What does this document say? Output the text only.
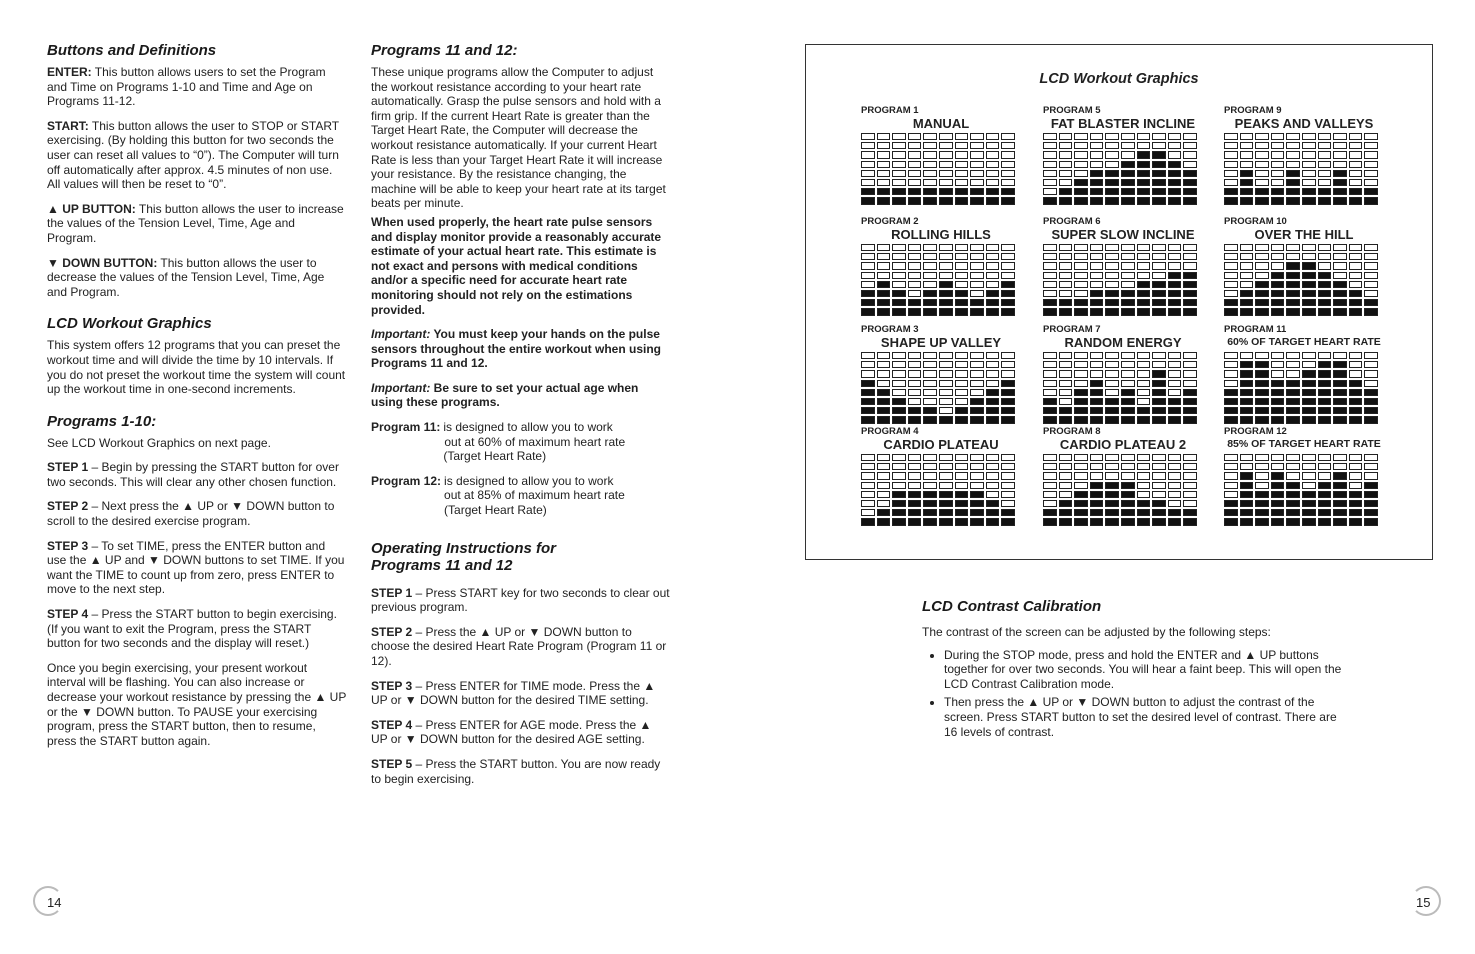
Buttons and Definitions

ENTER: This button allows users to set the Program and Time on Programs 1-10 and Time and Age on Programs 11-12.

START: This button allows the user to STOP or START exercising. (By holding this button for two seconds the user can reset all values to “0”). The Computer will turn off automatically after approx. 4.5 minutes of non use. All values will then be reset to “0”.

▲ UP BUTTON: This button allows the user to increase the values of the Tension Level, Time, Age and Program.

▼ DOWN BUTTON: This button allows the user to decrease the values of the Tension Level, Time, Age and Program.

LCD Workout Graphics

This system offers 12 programs that you can preset the workout time and will divide the time by 10 intervals. If you do not preset the workout time the system will count up the workout time in one-second increments.

Programs 1-10:

See LCD Workout Graphics on next page.

STEP 1 – Begin by pressing the START button for over two seconds. This will clear any other chosen function.

STEP 2 – Next press the ▲ UP or ▼ DOWN button to scroll to the desired exercise program.

STEP 3 – To set TIME, press the ENTER button and use the ▲ UP and ▼ DOWN buttons to set TIME. If you want the TIME to count up from zero, press ENTER to move to the next step.

STEP 4 – Press the START button to begin exercising. (If you want to exit the Program, press the START button for two seconds and the display will reset.)

Once you begin exercising, your present workout interval will be flashing. You can also increase or decrease your workout resistance by pressing the ▲ UP or the ▼ DOWN button. To PAUSE your exercising program, press the START button, then to resume, press the START button again.

Programs 11 and 12:

These unique programs allow the Computer to adjust the workout resistance according to your heart rate automatically. Grasp the pulse sensors and hold with a firm grip. If the current Heart Rate is greater than the Target Heart Rate, the Computer will decrease the workout resistance automatically. If your current Heart Rate is less than your Target Heart Rate it will increase your resistance. By the resistance changing, the machine will be able to keep your heart rate at its target beats per minute.

When used properly, the heart rate pulse sensors and display monitor provide a reasonably accurate estimate of your actual heart rate. This estimate is not exact and persons with medical conditions and/or a specific need for accurate heart rate monitoring should not rely on the estimations provided.

Important: You must keep your hands on the pulse sensors throughout the entire workout when using Programs 11 and 12.

Important: Be sure to set your actual age when using these programs.

Program 11: is designed to allow you to work
out at 60% of maximum heart rate
(Target Heart Rate)
Program 12: is designed to allow you to work
out at 85% of maximum heart rate
(Target Heart Rate)
Operating Instructions for
Programs 11 and 12

STEP 1 – Press START key for two seconds to clear out previous program.

STEP 2 – Press the ▲ UP or ▼ DOWN button to choose the desired Heart Rate Program (Program 11 or 12).

STEP 3 – Press ENTER for TIME mode. Press the ▲ UP or ▼ DOWN button for the desired TIME setting.

STEP 4 – Press ENTER for AGE mode. Press the ▲ UP or ▼ DOWN button for the desired AGE setting.

STEP 5 – Press the START button. You are now ready to begin exercising.

LCD Workout Graphics
PROGRAM 1
MANUAL
PROGRAM 5
FAT BLASTER INCLINE
PROGRAM 9
PEAKS AND VALLEYS
PROGRAM 2
ROLLING HILLS
PROGRAM 6
SUPER SLOW INCLINE
PROGRAM 10
OVER THE HILL
PROGRAM 3
SHAPE UP VALLEY
PROGRAM 7
RANDOM ENERGY
PROGRAM 11
60% OF TARGET HEART RATE
PROGRAM 4
CARDIO PLATEAU
PROGRAM 8
CARDIO PLATEAU 2
PROGRAM 12
85% OF TARGET HEART RATE
LCD Contrast Calibration

The contrast of the screen can be adjusted by the following steps:

• During the STOP mode, press and hold the ENTER and ▲ UP buttons together for over two seconds. You will hear a faint beep. This will open the LCD Contrast Calibration mode.
• Then press the ▲ UP or ▼ DOWN button to adjust the contrast of the screen. Press START button to set the desired level of contrast. There are 16 levels of contrast.
14	15
